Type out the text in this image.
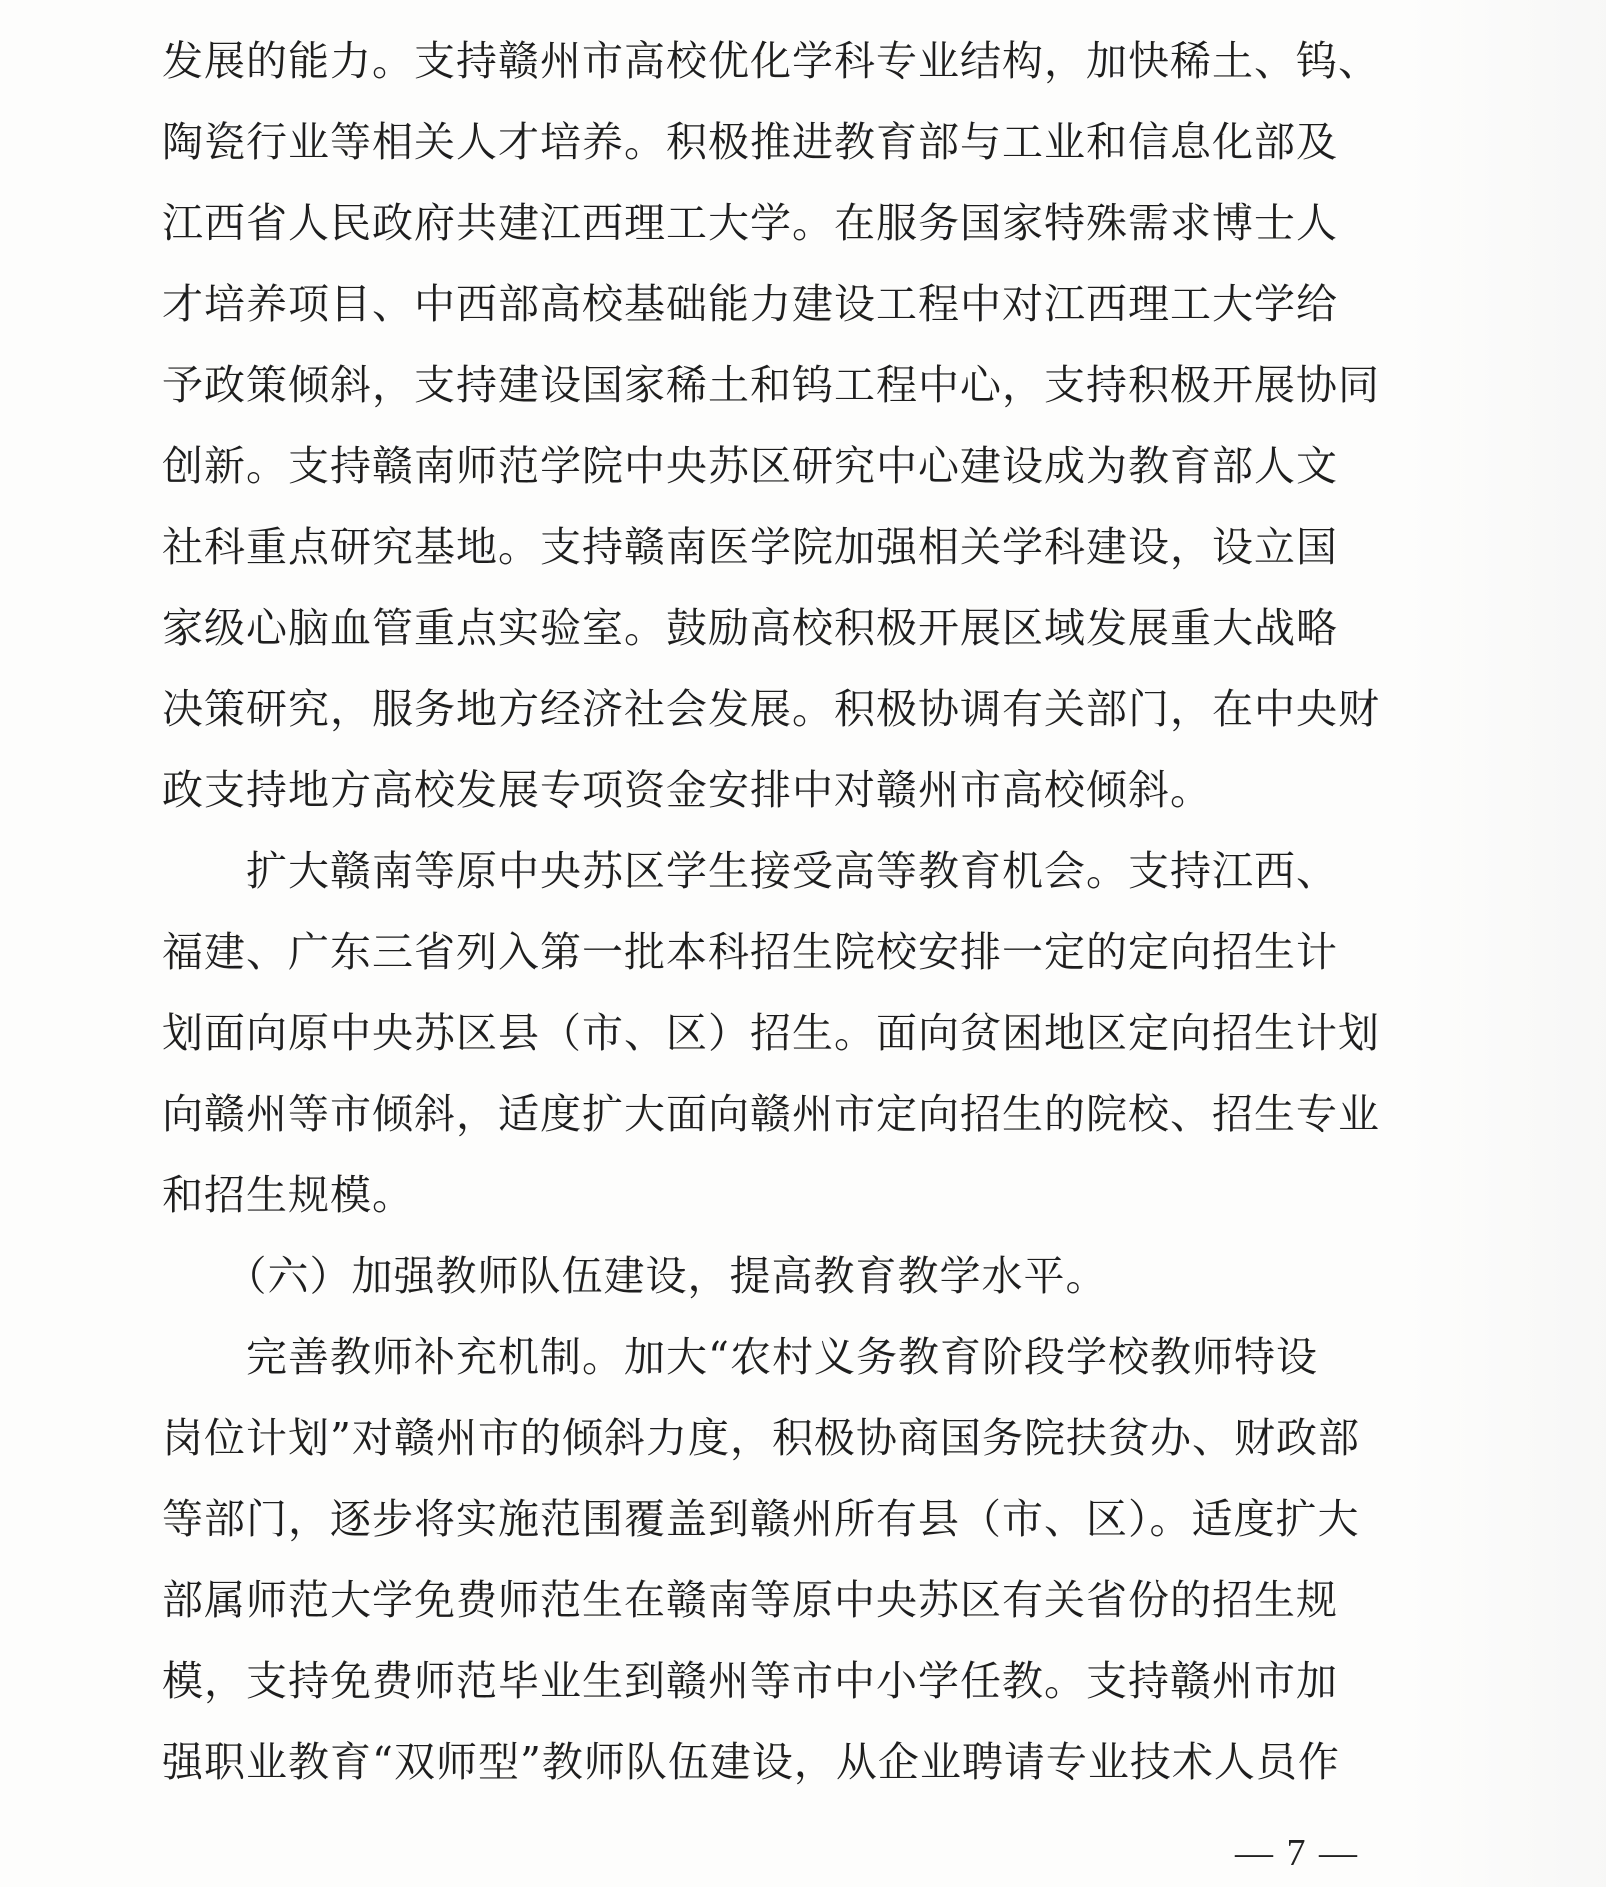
发展的能力。支持赣州市高校优化学科专业结构，加快稀土、钨、
陶瓷行业等相关人才培养。积极推进教育部与工业和信息化部及
江西省人民政府共建江西理工大学。在服务国家特殊需求博士人
才培养项目、中西部高校基础能力建设工程中对江西理工大学给
予政策倾斜，支持建设国家稀土和钨工程中心，支持积极开展协同
创新。支持赣南师范学院中央苏区研究中心建设成为教育部人文
社科重点研究基地。支持赣南医学院加强相关学科建设，设立国
家级心脑血管重点实验室。鼓励高校积极开展区域发展重大战略
决策研究，服务地方经济社会发展。积极协调有关部门，在中央财
政支持地方高校发展专项资金安排中对赣州市高校倾斜。
　　扩大赣南等原中央苏区学生接受高等教育机会。支持江西、
福建、广东三省列入第一批本科招生院校安排一定的定向招生计
划面向原中央苏区县（市、区）招生。面向贫困地区定向招生计划
向赣州等市倾斜，适度扩大面向赣州市定向招生的院校、招生专业
和招生规模。
　　（六）加强教师队伍建设，提高教育教学水平。
　　完善教师补充机制。加大“农村义务教育阶段学校教师特设
岗位计划”对赣州市的倾斜力度，积极协商国务院扶贫办、财政部
等部门，逐步将实施范围覆盖到赣州所有县（市、区）。适度扩大
部属师范大学免费师范生在赣南等原中央苏区有关省份的招生规
模，支持免费师范毕业生到赣州等市中小学任教。支持赣州市加
强职业教育“双师型”教师队伍建设，从企业聘请专业技术人员作
— 7 —
